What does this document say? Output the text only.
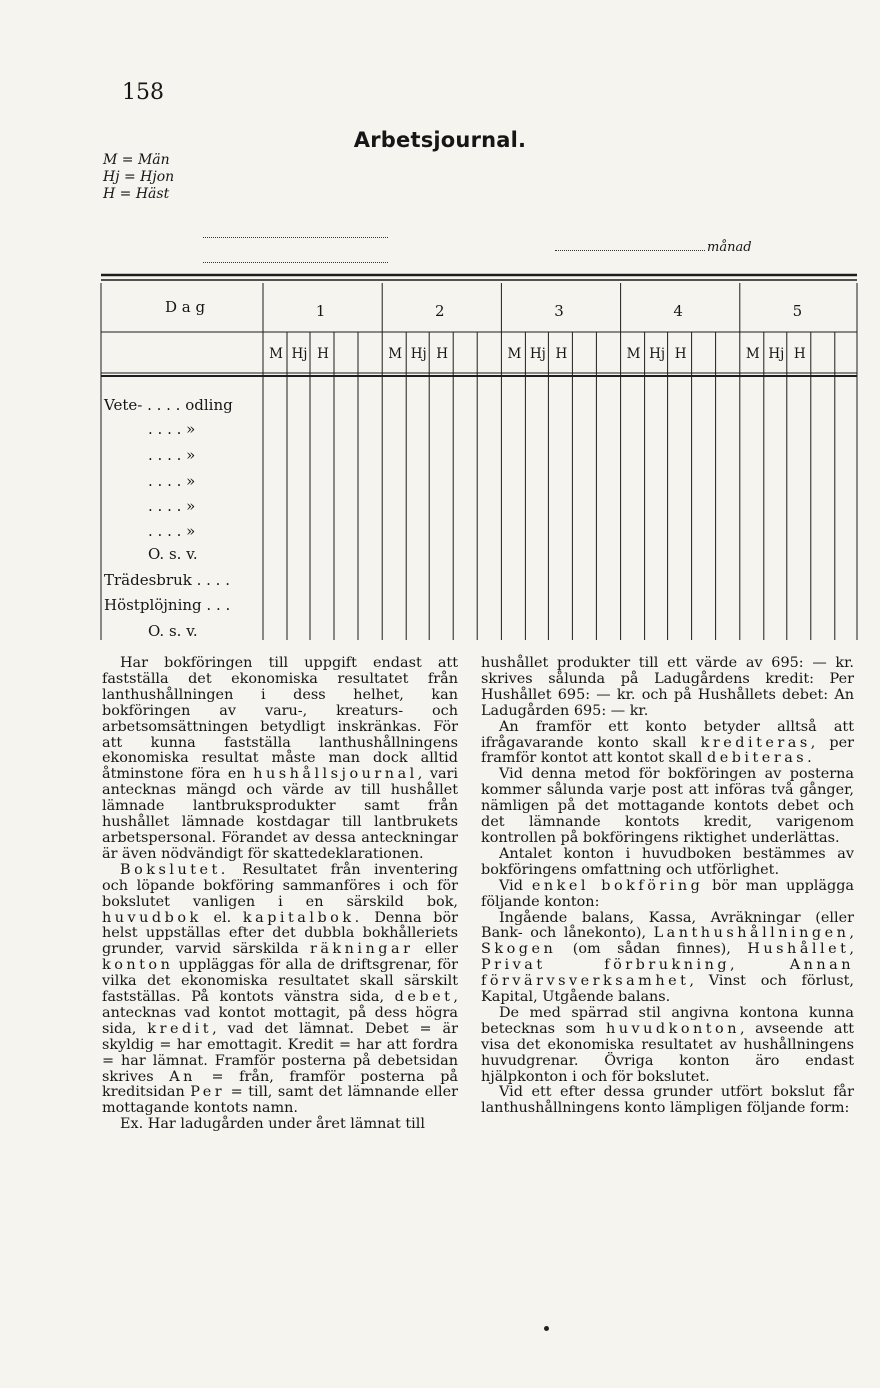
158
Arbetsjournal.
M = Män
Hj = Hjon
H = Häst
månad
1
M Hj H
2
M Hj H
3
M Hj H
4
M Hj H
5
M Hj H
D a g
Vete- . . . . odling
. . . . »
. . . . »
. . . . »
. . . . »
. . . . »
O. s. v.
Trädesbruk . . . .
Höstplöjning . . .
O. s. v.

Har bokföringen till uppgift endast att fastställa det ekonomiska resultatet från lanthushållningen i dess helhet, kan bokföringen av varu-, kreaturs- och arbetsomsättningen betydligt inskränkas. För att kunna fastställa lanthushållningens ekonomiska resultat måste man dock alltid åtminstone föra en hushållsjournal, vari antecknas mängd och värde av till hushållet lämnade lantbruksprodukter samt från hushållet lämnade kostdagar till lantbrukets arbetspersonal. Förandet av dessa anteckningar är även nödvändigt för skattedeklarationen.

Bokslutet. Resultatet från inventering och löpande bokföring sammanföres i och för bokslutet vanligen i en särskild bok, huvudbok el. kapitalbok. Denna bör helst uppställas efter det dubbla bokhålleriets grunder, varvid särskilda räkningar eller konton uppläggas för alla de driftsgrenar, för vilka det ekonomiska resultatet skall särskilt fastställas. På kontots vänstra sida, debet, antecknas vad kontot mottagit, på dess högra sida, kredit, vad det lämnat. Debet = är skyldig = har emottagit. Kredit = har att fordra = har lämnat. Framför posterna på debetsidan skrives An = från, framför posterna på kreditsidan Per = till, samt det lämnande eller mottagande kontots namn.

Ex. Har ladugården under året lämnat till

hushållet produkter till ett värde av 695: — kr. skrives sålunda på Ladugårdens kredit: Per Hushållet 695: — kr. och på Hushållets debet: An Ladugården 695: — kr.

An framför ett konto betyder alltså att ifrågavarande konto skall krediteras, per framför kontot att kontot skall debiteras.

Vid denna metod för bokföringen av posterna kommer sålunda varje post att införas två gånger, nämligen på det mottagande kontots debet och det lämnande kontots kredit, varigenom kontrollen på bokföringens riktighet underlättas.

Antalet konton i huvudboken bestämmes av bokföringens omfattning och utförlighet.

Vid enkel bokföring bör man upplägga följande konton:

Ingående balans, Kassa, Avräkningar (eller Bank- och lånekonto), Lanthushållningen, Skogen (om sådan finnes), Hushållet, Privat förbrukning,	Annan förvärvsverksamhet, Vinst och förlust, Kapital, Utgående balans.

De med spärrad stil angivna kontona kunna betecknas som huvudkonton, avseende att visa det ekonomiska resultatet av hushållningens huvudgrenar. Övriga konton äro endast hjälpkonton i och för bokslutet.

Vid ett efter dessa grunder utfört bokslut får lanthushållningens konto lämpligen följande form:
